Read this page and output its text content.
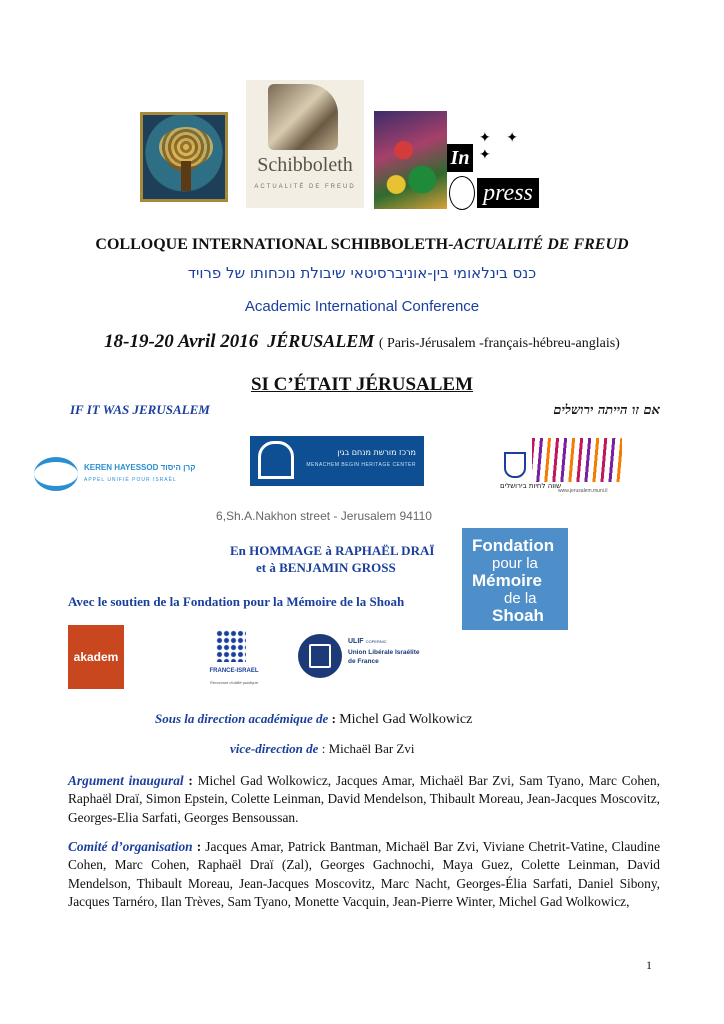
Schibboleth
ACTUALITÉ DE FREUD
✦ ✦ ✦
In
press
COLLOQUE INTERNATIONAL SCHIBBOLETH-ACTUALITÉ DE FREUD
כנס בינלאומי בין-אוניברסיטאי שיבולת נוכחותו של פרויד
Academic International Conference
18-19-20 Avril 2016 JÉRUSALEM ( Paris-Jérusalem -français-hébreu-anglais)
SI C’ÉTAIT JÉRUSALEM
IF IT WAS JERUSALEM	אם זו הייתה ירושלים
KEREN HAYESSOD קרן היסוד
APPEL UNIFIÉ POUR ISRAËL
מרכז מורשת מנחם בגין
MENACHEM BEGIN HERITAGE CENTER
שווה לחיות בירושלים
www.jerusalem.muni.il
6,Sh.A.Nakhon street - Jerusalem 94110
En HOMMAGE à RAPHAËL DRAÏ
et à BENJAMIN GROSS
Avec le soutien de la Fondation pour la Mémoire de la Shoah
Fondation
pour la
Mémoire
de la
Shoah
akadem
FRANCE-ISRAEL
Reconnue d'utilité publique
ULIF COPERNIC
Union Libérale Israélite de France
Sous la direction académique de : Michel Gad Wolkowicz
vice-direction de : Michaël Bar Zvi
Argument inaugural : Michel Gad Wolkowicz, Jacques Amar, Michaël Bar Zvi, Sam Tyano, Marc Cohen, Raphaël Draï, Simon Epstein, Colette Leinman, David Mendelson, Thibault Moreau, Jean-Jacques Moscovitz, Georges-Elia Sarfati, Georges Bensoussan.
Comité d’organisation : Jacques Amar, Patrick Bantman, Michaël Bar Zvi, Viviane Chetrit-Vatine, Claudine Cohen, Marc Cohen, Raphaël Draï (Zal), Georges Gachnochi, Maya Guez, Colette Leinman, David Mendelson, Thibault Moreau, Jean-Jacques Moscovitz, Marc Nacht, Georges-Élia Sarfati, Daniel Sibony, Jacques Tarnéro, Ilan Trèves, Sam Tyano, Monette Vacquin, Jean-Pierre Winter, Michel Gad Wolkowicz,
1
